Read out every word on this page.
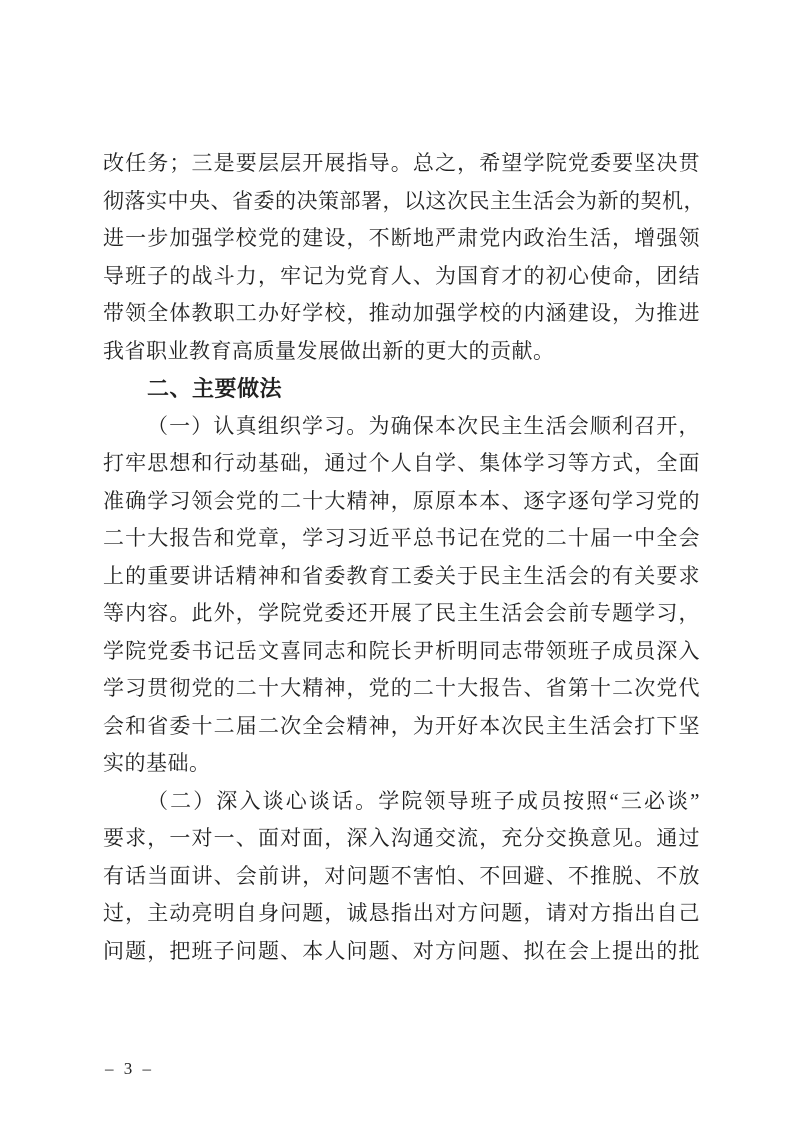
改任务；三是要层层开展指导。总之，希望学院党委要坚决贯
彻落实中央、省委的决策部署，以这次民主生活会为新的契机，
进一步加强学校党的建设，不断地严肃党内政治生活，增强领
导班子的战斗力，牢记为党育人、为国育才的初心使命，团结
带领全体教职工办好学校，推动加强学校的内涵建设，为推进
我省职业教育高质量发展做出新的更大的贡献。
二、主要做法
（一）认真组织学习。为确保本次民主生活会顺利召开，
打牢思想和行动基础，通过个人自学、集体学习等方式，全面
准确学习领会党的二十大精神，原原本本、逐字逐句学习党的
二十大报告和党章，学习习近平总书记在党的二十届一中全会
上的重要讲话精神和省委教育工委关于民主生活会的有关要求
等内容。此外，学院党委还开展了民主生活会会前专题学习，
学院党委书记岳文喜同志和院长尹析明同志带领班子成员深入
学习贯彻党的二十大精神，党的二十大报告、省第十二次党代
会和省委十二届二次全会精神，为开好本次民主生活会打下坚
实的基础。
（二）深入谈心谈话。学院领导班子成员按照“三必谈”
要求，一对一、面对面，深入沟通交流，充分交换意见。通过
有话当面讲、会前讲，对问题不害怕、不回避、不推脱、不放
过，主动亮明自身问题，诚恳指出对方问题，请对方指出自己
问题，把班子问题、本人问题、对方问题、拟在会上提出的批
– 3 –
